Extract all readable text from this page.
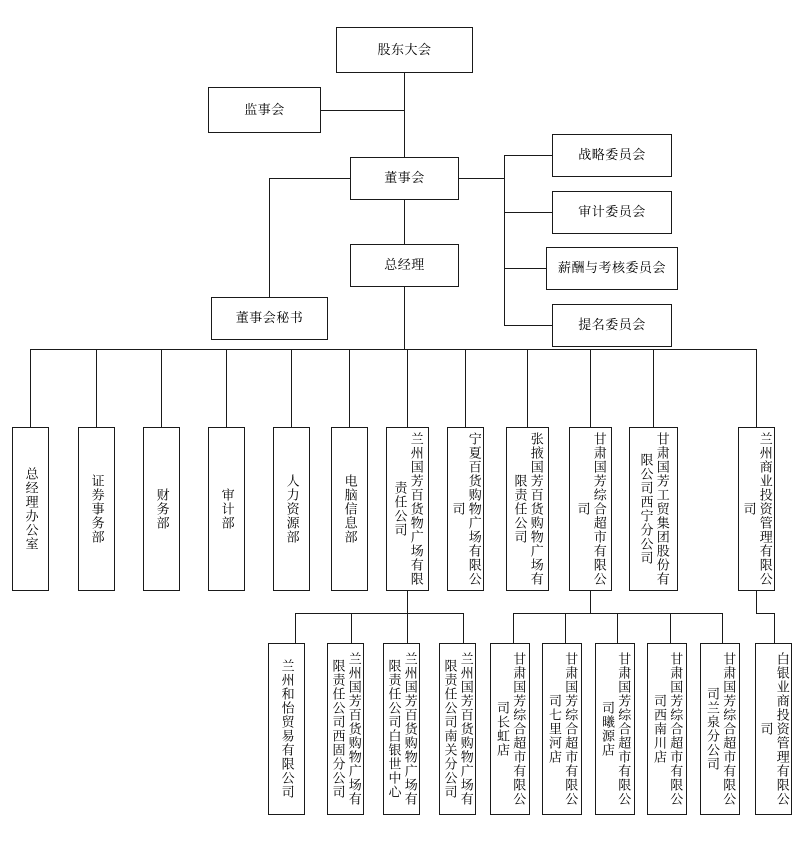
股东大会
监事会
董事会
总经理
董事会秘书
战略委员会
审计委员会
薪酬与考核委员会
提名委员会
总经理办公室	证券事务部	财务部	审计部	人力资源部	电脑信息部	兰州国芳百货物广场有限责任公司	宁夏百货购物广场有限公司	张掖国芳百货购物广场有限责任公司	甘肃国芳综合超市有限公司	甘肃国芳工贸集团股份有限公司西宁分公司	兰州商业投资管理有限公司
兰州和怡贸易有限公司	兰州国芳百货购物广场有限责任公司西固分公司	兰州国芳百货购物广场有限责任公司白银世中心	兰州国芳百货购物广场有限责任公司南关分公司	甘肃国芳综合超市有限公司长虹店	甘肃国芳综合超市有限公司七里河店	甘肃国芳综合超市有限公司曦源店	甘肃国芳综合超市有限公司西南川店	甘肃国芳综合超市有限公司兰泉分公司	白银业商投资管理有限公司
